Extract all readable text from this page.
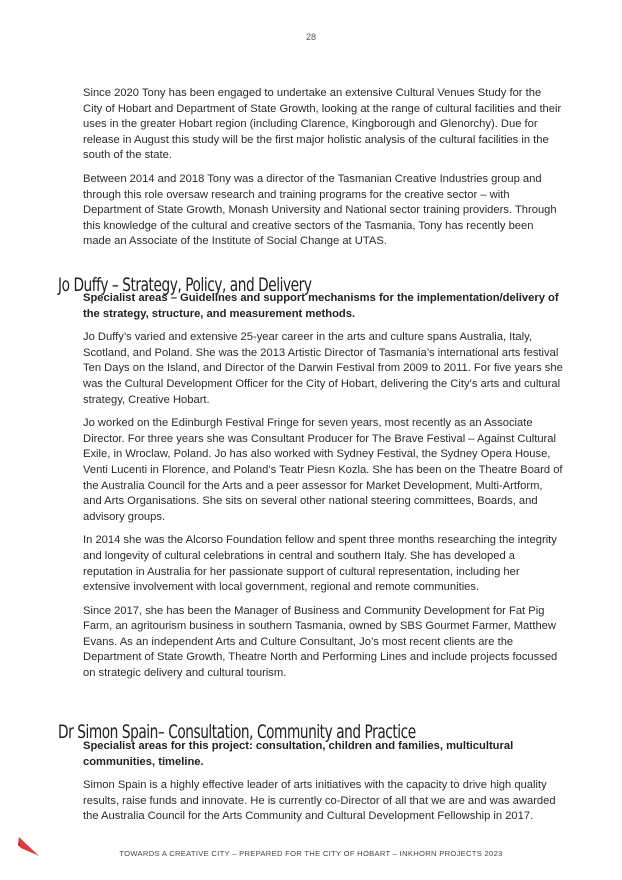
28

Since 2020 Tony has been engaged to undertake an extensive Cultural Venues Study for the City of Hobart and Department of State Growth, looking at the range of cultural facilities and their uses in the greater Hobart region (including Clarence, Kingborough and Glenorchy). Due for release in August this study will be the first major holistic analysis of the cultural facilities in the south of the state.

Between 2014 and 2018 Tony was a director of the Tasmanian Creative Industries group and through this role oversaw research and training programs for the creative sector – with Department of State Growth, Monash University and National sector training providers. Through this knowledge of the cultural and creative sectors of the Tasmania, Tony has recently been made an Associate of the Institute of Social Change at UTAS.

Jo Duffy – Strategy, Policy, and Delivery

Specialist areas – Guidelines and support mechanisms for the implementation/delivery of the strategy, structure, and measurement methods.

Jo Duffy’s varied and extensive 25-year career in the arts and culture spans Australia, Italy, Scotland, and Poland. She was the 2013 Artistic Director of Tasmania’s international arts festival Ten Days on the Island, and Director of the Darwin Festival from 2009 to 2011. For five years she was the Cultural Development Officer for the City of Hobart, delivering the City’s arts and cultural strategy, Creative Hobart.

Jo worked on the Edinburgh Festival Fringe for seven years, most recently as an Associate Director. For three years she was Consultant Producer for The Brave Festival – Against Cultural Exile, in Wroclaw, Poland. Jo has also worked with Sydney Festival, the Sydney Opera House, Venti Lucenti in Florence, and Poland’s Teatr Piesn Kozla. She has been on the Theatre Board of the Australia Council for the Arts and a peer assessor for Market Development, Multi-Artform, and Arts Organisations. She sits on several other national steering committees, Boards, and advisory groups.

In 2014 she was the Alcorso Foundation fellow and spent three months researching the integrity and longevity of cultural celebrations in central and southern Italy. She has developed a reputation in Australia for her passionate support of cultural representation, including her extensive involvement with local government, regional and remote communities.

Since 2017, she has been the Manager of Business and Community Development for Fat Pig Farm, an agritourism business in southern Tasmania, owned by SBS Gourmet Farmer, Matthew Evans. As an independent Arts and Culture Consultant, Jo’s most recent clients are the Department of State Growth, Theatre North and Performing Lines and include projects focussed on strategic delivery and cultural tourism.

Dr Simon Spain– Consultation, Community and Practice

Specialist areas for this project: consultation, children and families, multicultural communities, timeline.

Simon Spain is a highly effective leader of arts initiatives with the capacity to drive high quality results, raise funds and innovate. He is currently co-Director of all that we are and was awarded the Australia Council for the Arts Community and Cultural Development Fellowship in 2017.

TOWARDS A CREATIVE CITY – PREPARED FOR THE CITY OF HOBART – INKHORN PROJECTS 2023
